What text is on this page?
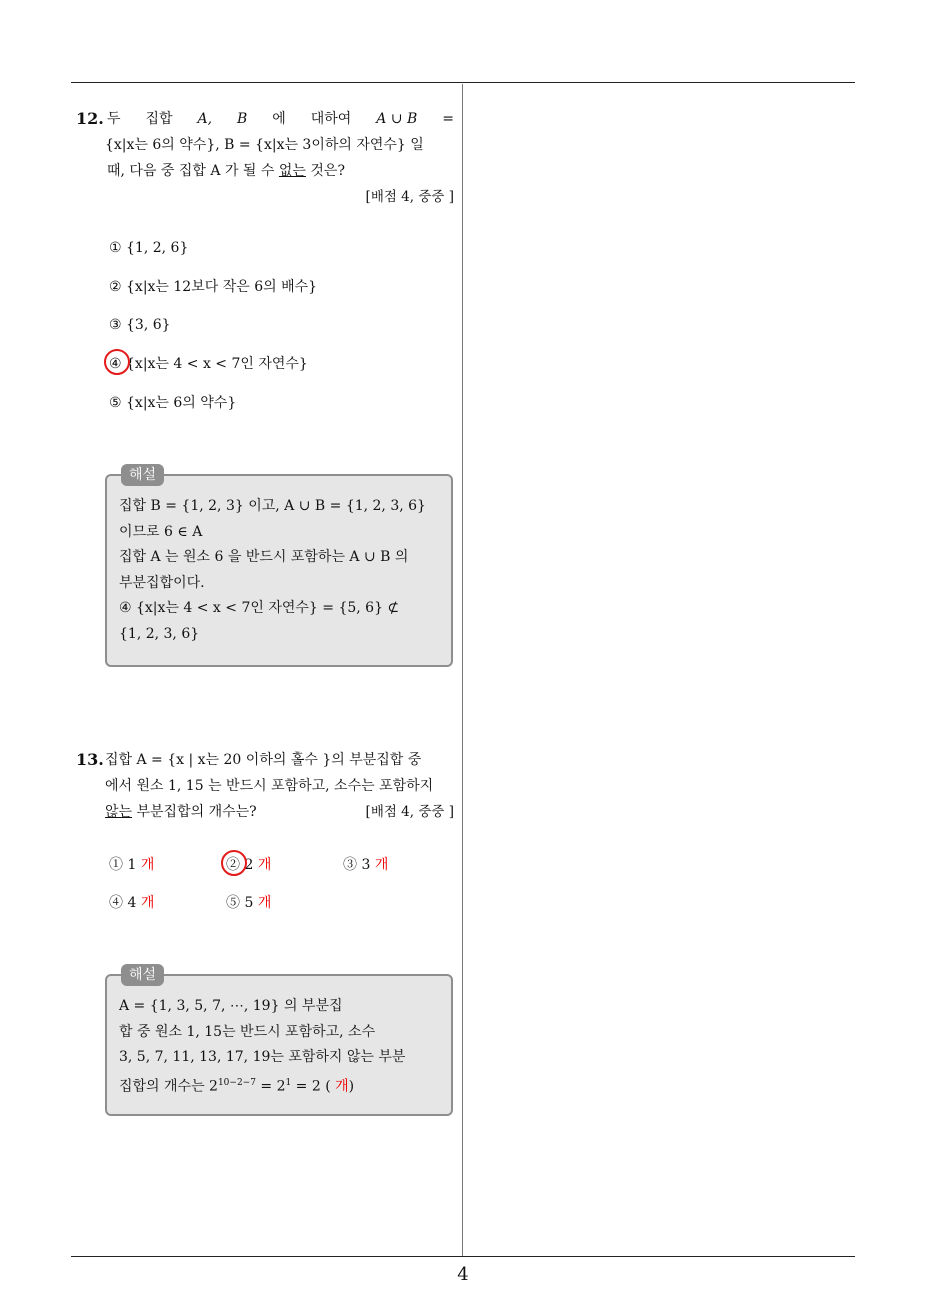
4
12. 두 집합 A, B 에 대하여 A ∪ B =
{x|x는 6의 약수}, B = {x|x는 3이하의 자연수} 일
때, 다음 중 집합 A 가 될 수 없는 것은?
[배점 4, 중중 ]
① {1, 2, 6}
② {x|x는 12보다 작은 6의 배수}
③ {3, 6}
④ {x|x는 4 < x < 7인 자연수}
⑤ {x|x는 6의 약수}
해설
집합 B = {1, 2, 3} 이고, A ∪ B = {1, 2, 3, 6}
이므로 6 ∈ A
집합 A 는 원소 6 을 반드시 포함하는 A ∪ B 의
부분집합이다.
④ {x|x는 4 < x < 7인 자연수} = {5, 6} ⊄
{1, 2, 3, 6}
13. 집합 A = {x | x는 20 이하의 홀수 }의 부분집합 중
에서 원소 1, 15 는 반드시 포함하고, 소수는 포함하지
않는 부분집합의 개수는?	[배점 4, 중중 ]
① 1 개	② 2 개	③ 3 개
④ 4 개	⑤ 5 개
해설
A = {1, 3, 5, 7, ⋯, 19} 의 부분집
합 중 원소 1, 15는 반드시 포함하고, 소수
3, 5, 7, 11, 13, 17, 19는 포함하지 않는 부분
집합의 개수는 $2^{10-2-7} = 2^1 = 2$ ( 개)
